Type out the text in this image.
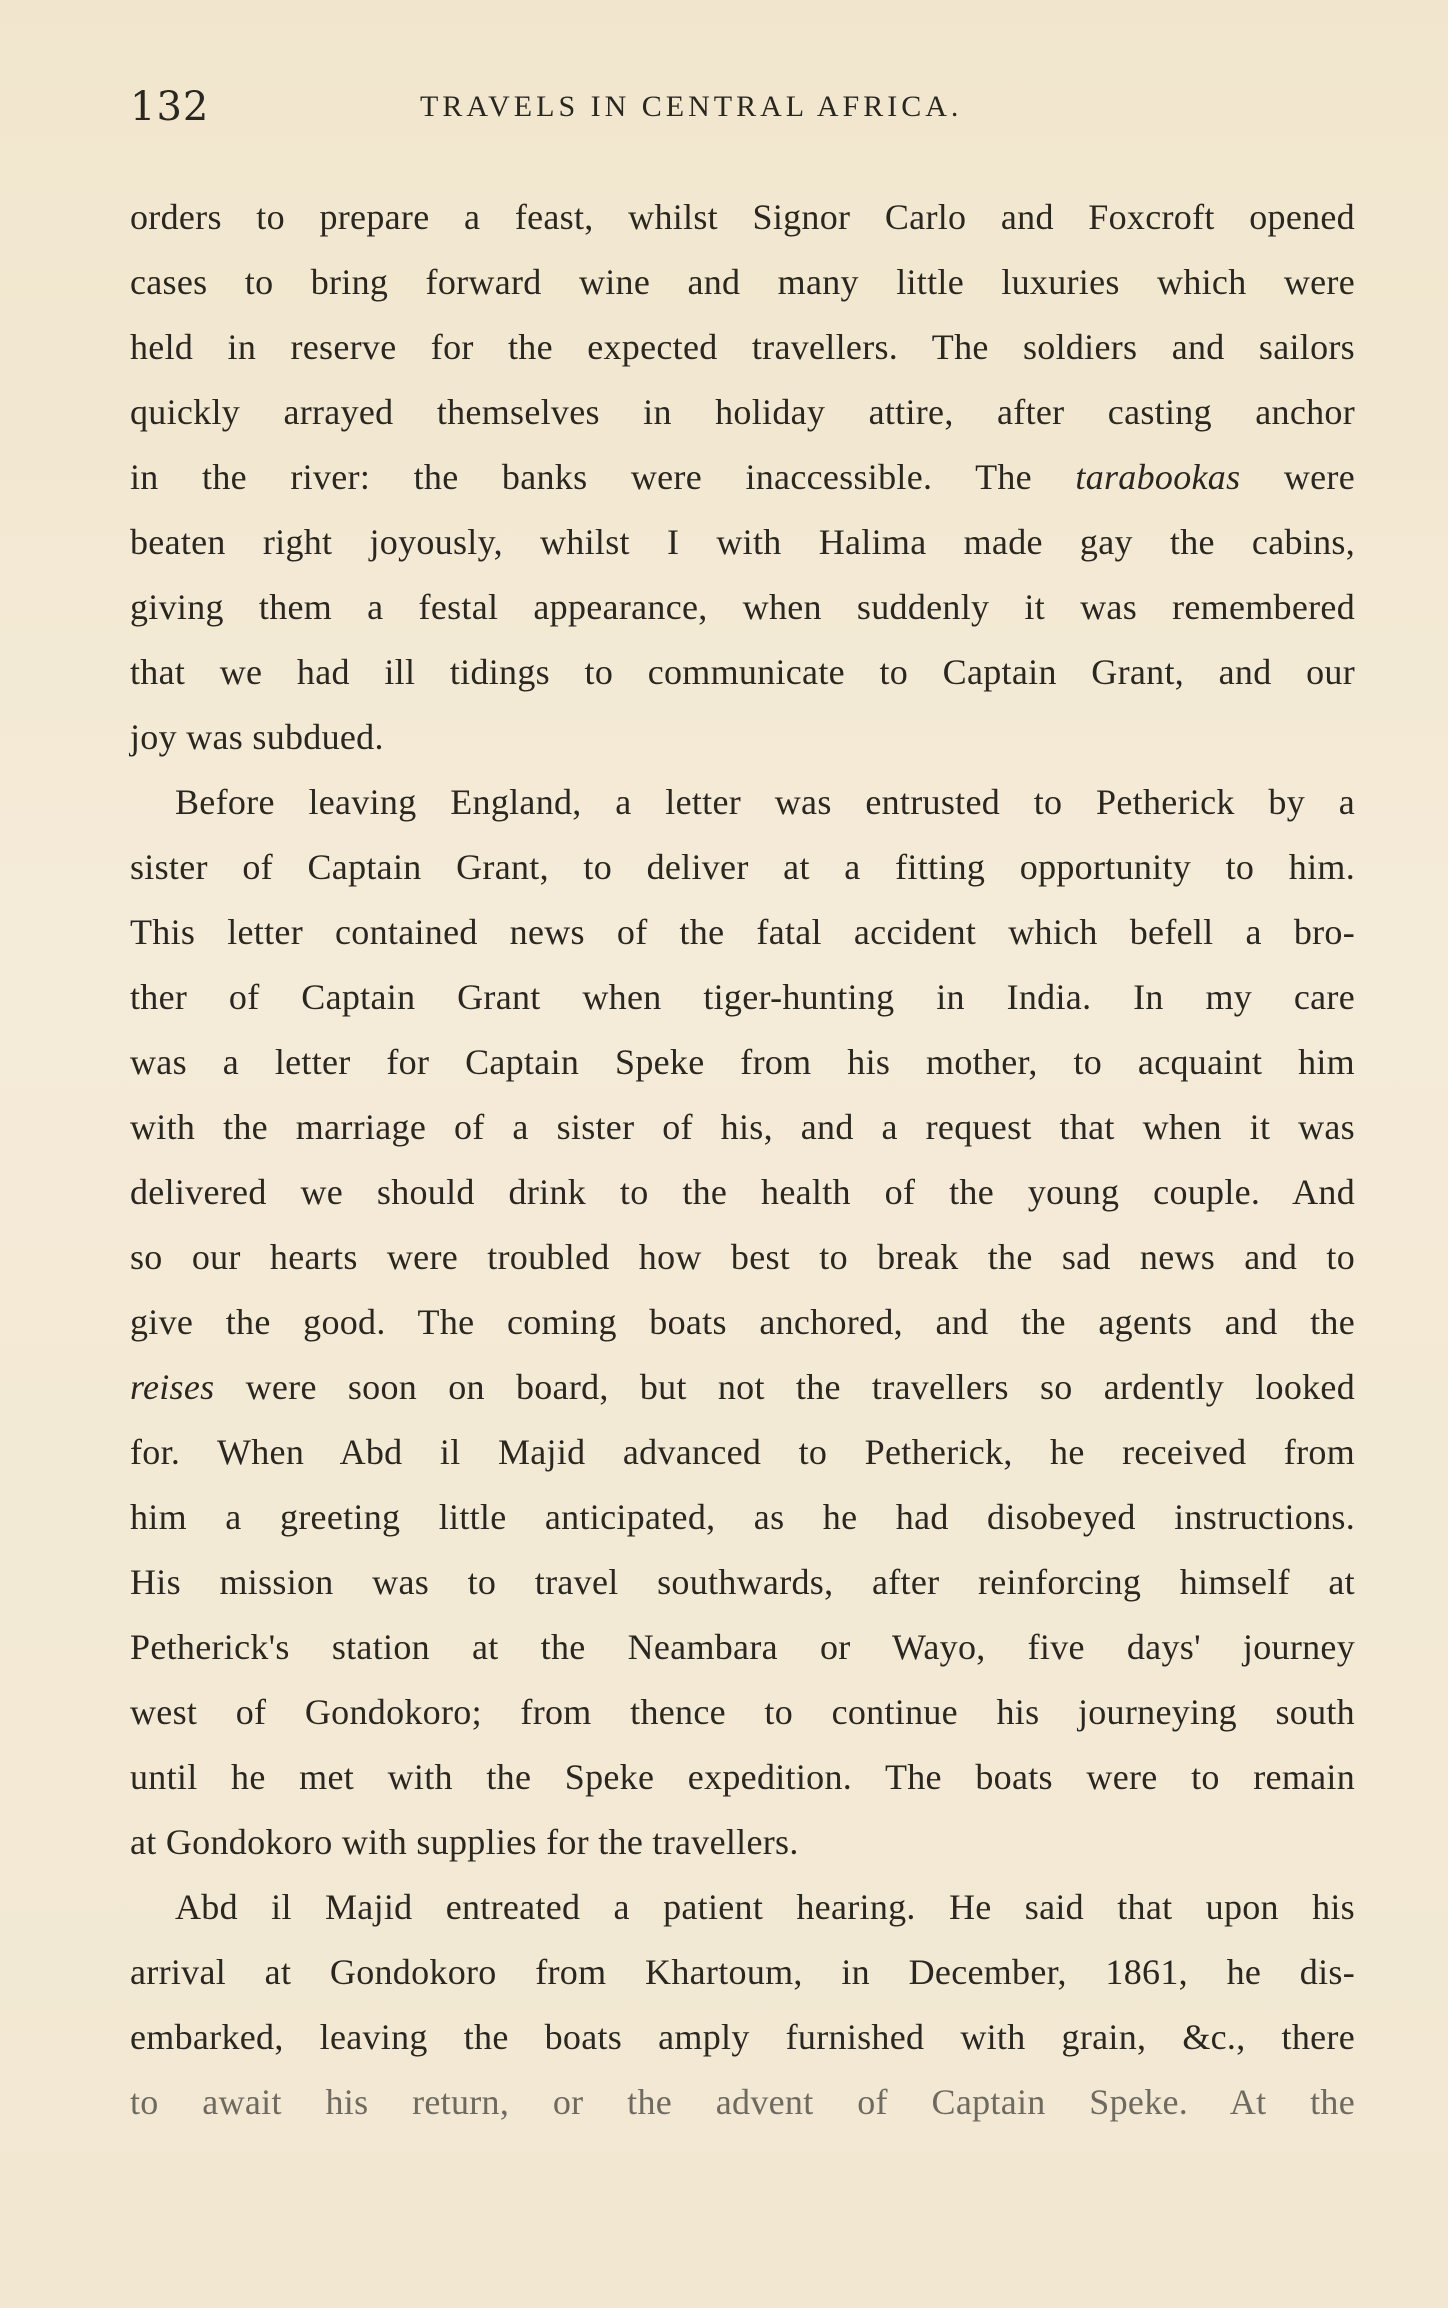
132	TRAVELS IN CENTRAL AFRICA.
orders to prepare a feast, whilst Signor Carlo and Foxcroft opened
cases to bring forward wine and many little luxuries which were
held in reserve for the expected travellers. The soldiers and sailors
quickly arrayed themselves in holiday attire, after casting anchor
in the river: the banks were inaccessible. The tarabookas were
beaten right joyously, whilst I with Halima made gay the cabins,
giving them a festal appearance, when suddenly it was remembered
that we had ill tidings to communicate to Captain Grant, and our
joy was subdued.
Before leaving England, a letter was entrusted to Petherick by a
sister of Captain Grant, to deliver at a fitting opportunity to him.
This letter contained news of the fatal accident which befell a bro-
ther of Captain Grant when tiger-hunting in India. In my care
was a letter for Captain Speke from his mother, to acquaint him
with the marriage of a sister of his, and a request that when it was
delivered we should drink to the health of the young couple. And
so our hearts were troubled how best to break the sad news and to
give the good. The coming boats anchored, and the agents and the
reises were soon on board, but not the travellers so ardently looked
for. When Abd il Majid advanced to Petherick, he received from
him a greeting little anticipated, as he had disobeyed instructions.
His mission was to travel southwards, after reinforcing himself at
Petherick's station at the Neambara or Wayo, five days' journey
west of Gondokoro; from thence to continue his journeying south
until he met with the Speke expedition. The boats were to remain
at Gondokoro with supplies for the travellers.
Abd il Majid entreated a patient hearing. He said that upon his
arrival at Gondokoro from Khartoum, in December, 1861, he dis-
embarked, leaving the boats amply furnished with grain, &c., there
to await his return, or the advent of Captain Speke. At the
